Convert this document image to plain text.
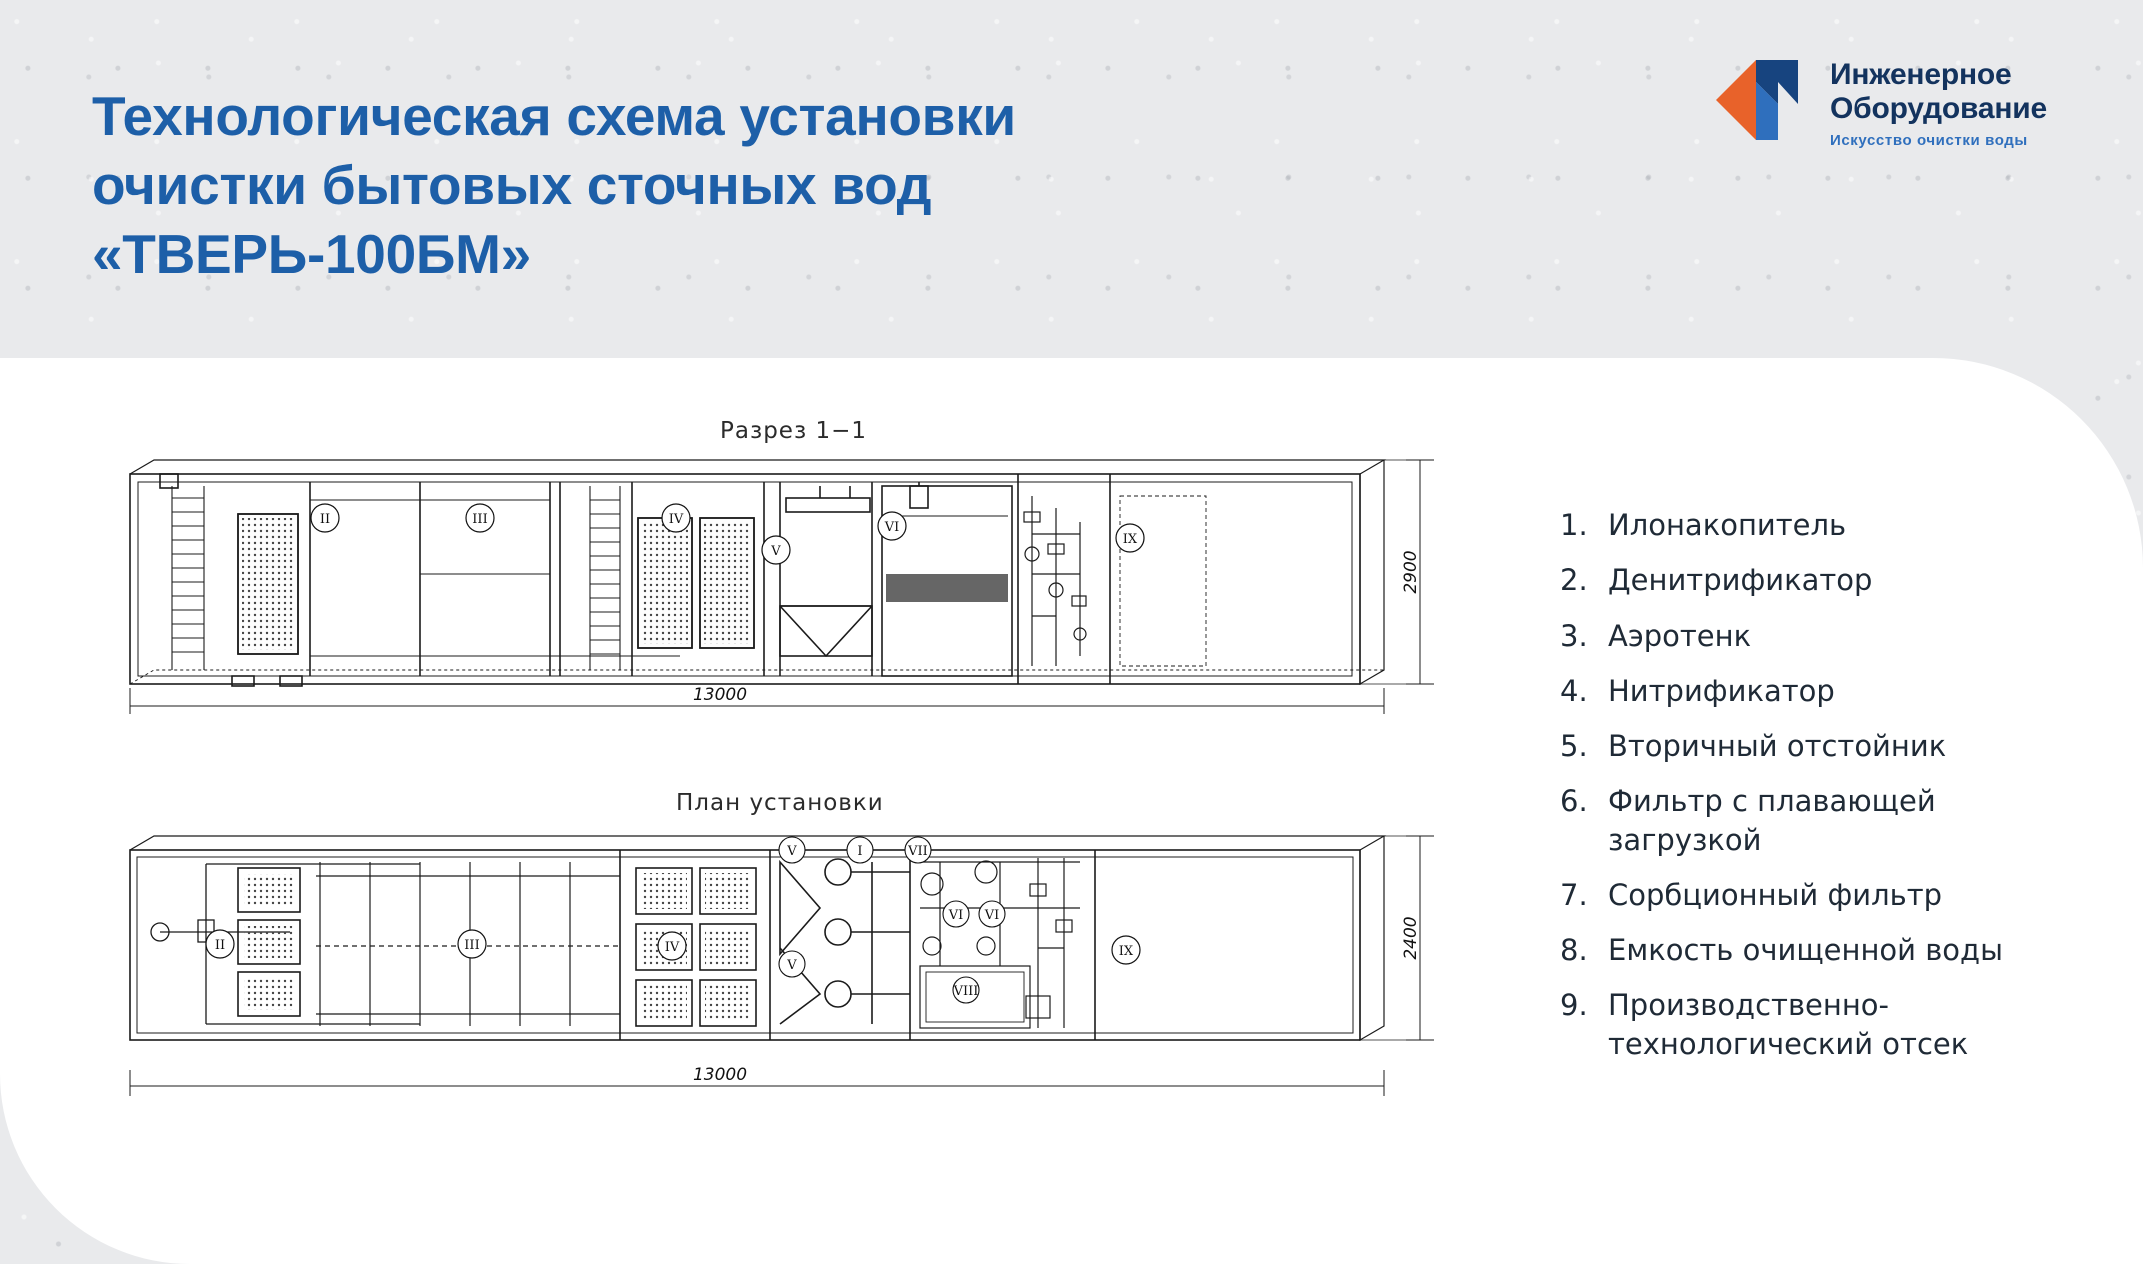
Технологическая схема установки
очистки бытовых сточных вод
«ТВЕРЬ-100БМ»
Инженерное
Оборудование
Искусство очистки воды
Разрез 1−1
План установки
II	III	IV
V
VI
IX
13000
2900
II	III	IV
V
V
I	VII
VI VI
VIII
IX
13000
2400
1. Илонакопитель
2. Денитрификатор
3. Аэротенк
4. Нитрификатор
5. Вторичный отстойник
6. Фильтр с плавающей загрузкой
7. Сорбционный фильтр
8. Емкость очищенной воды
9. Производственно-технологический отсек
